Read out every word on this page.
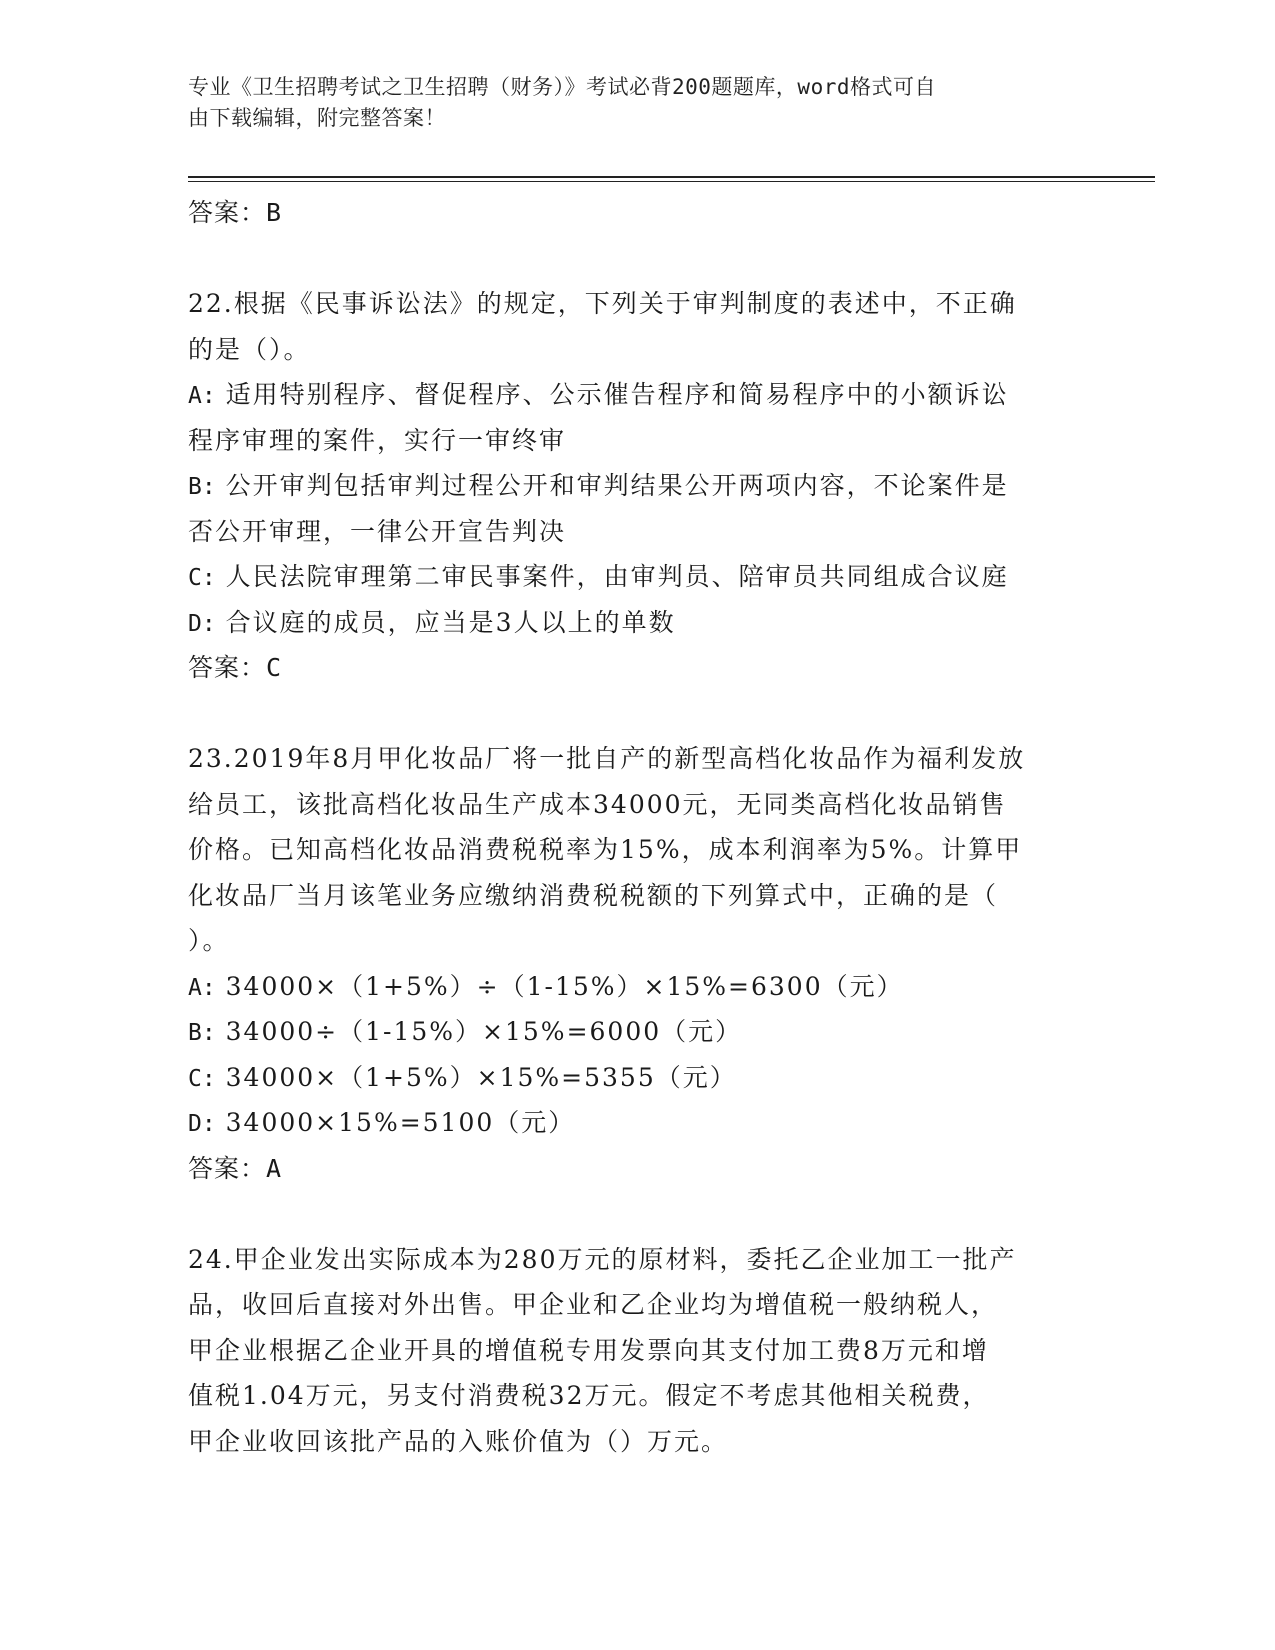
专业《卫生招聘考试之卫生招聘（财务）》考试必背200题题库，word格式可自
由下载编辑，附完整答案！
答案：B
22.根据《民事诉讼法》的规定，下列关于审判制度的表述中，不正确
的是（）。
A: 适用特别程序、督促程序、公示催告程序和简易程序中的小额诉讼
程序审理的案件，实行一审终审
B: 公开审判包括审判过程公开和审判结果公开两项内容，不论案件是
否公开审理，一律公开宣告判决
C: 人民法院审理第二审民事案件，由审判员、陪审员共同组成合议庭
D: 合议庭的成员，应当是3人以上的单数
答案：C
23.2019年8月甲化妆品厂将一批自产的新型高档化妆品作为福利发放
给员工，该批高档化妆品生产成本34000元，无同类高档化妆品销售
价格。已知高档化妆品消费税税率为15%，成本利润率为5%。计算甲
化妆品厂当月该笔业务应缴纳消费税税额的下列算式中，正确的是（
）。
A: 34000×（1+5%）÷（1-15%）×15%=6300（元）
B: 34000÷（1-15%）×15%=6000（元）
C: 34000×（1+5%）×15%=5355（元）
D: 34000×15%=5100（元）
答案：A
24.甲企业发出实际成本为280万元的原材料，委托乙企业加工一批产
品，收回后直接对外出售。甲企业和乙企业均为增值税一般纳税人，
甲企业根据乙企业开具的增值税专用发票向其支付加工费8万元和增
值税1.04万元，另支付消费税32万元。假定不考虑其他相关税费，
甲企业收回该批产品的入账价值为（）万元。
